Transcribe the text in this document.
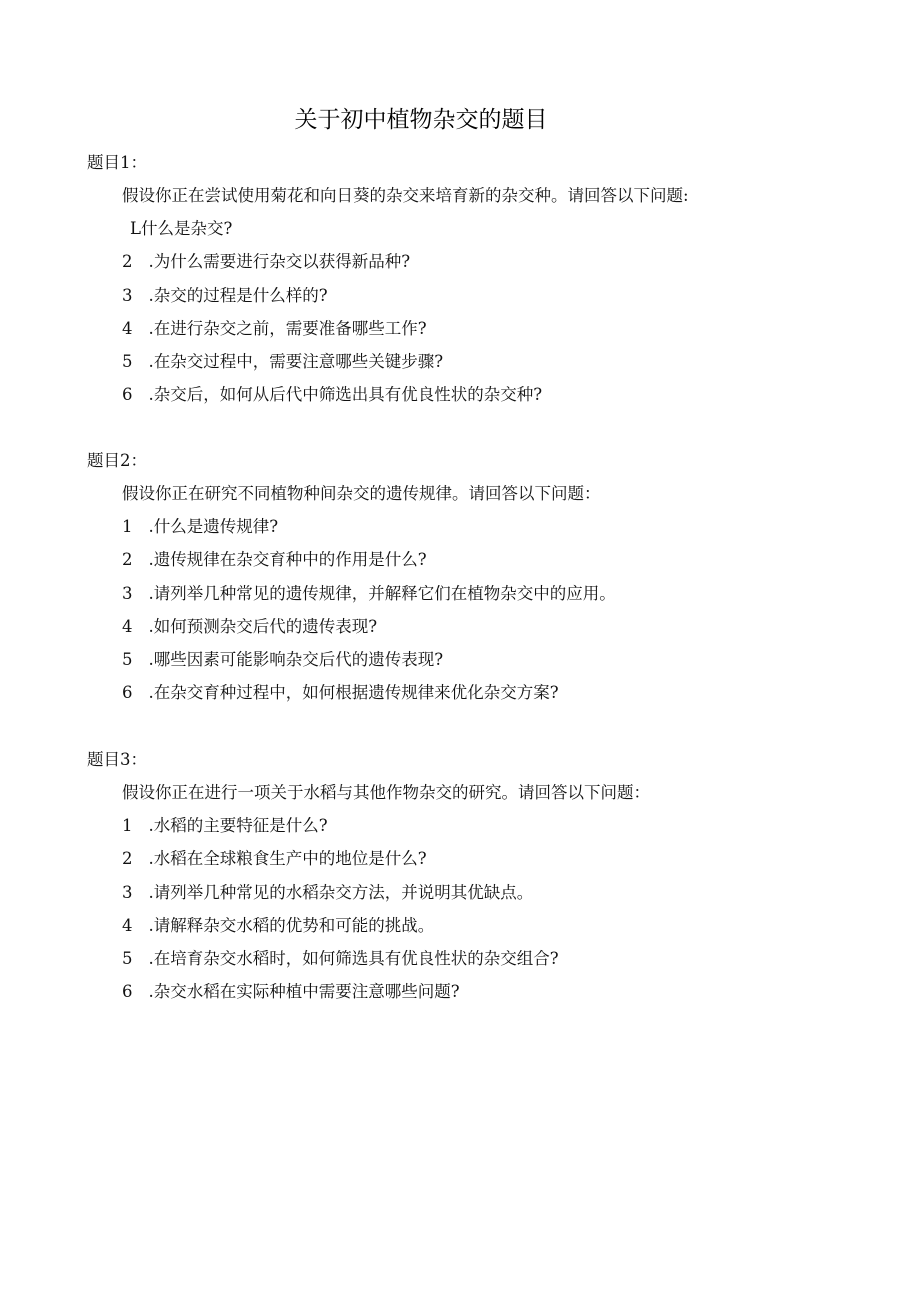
关于初中植物杂交的题目
题目1：
假设你正在尝试使用菊花和向日葵的杂交来培育新的杂交种。请回答以下问题:
L什么是杂交?
2 .为什么需要进行杂交以获得新品种?
3 .杂交的过程是什么样的?
4 .在进行杂交之前，需要准备哪些工作?
5 .在杂交过程中，需要注意哪些关键步骤?
6 .杂交后，如何从后代中筛选出具有优良性状的杂交种?
题目2：
假设你正在研究不同植物种间杂交的遗传规律。请回答以下问题：
1 .什么是遗传规律?
2 .遗传规律在杂交育种中的作用是什么?
3 .请列举几种常见的遗传规律，并解释它们在植物杂交中的应用。
4 .如何预测杂交后代的遗传表现?
5 .哪些因素可能影响杂交后代的遗传表现?
6 .在杂交育种过程中，如何根据遗传规律来优化杂交方案?
题目3：
假设你正在进行一项关于水稻与其他作物杂交的研究。请回答以下问题：
1 .水稻的主要特征是什么?
2 .水稻在全球粮食生产中的地位是什么?
3 .请列举几种常见的水稻杂交方法，并说明其优缺点。
4 .请解释杂交水稻的优势和可能的挑战。
5 .在培育杂交水稻时，如何筛选具有优良性状的杂交组合?
6 .杂交水稻在实际种植中需要注意哪些问题?
